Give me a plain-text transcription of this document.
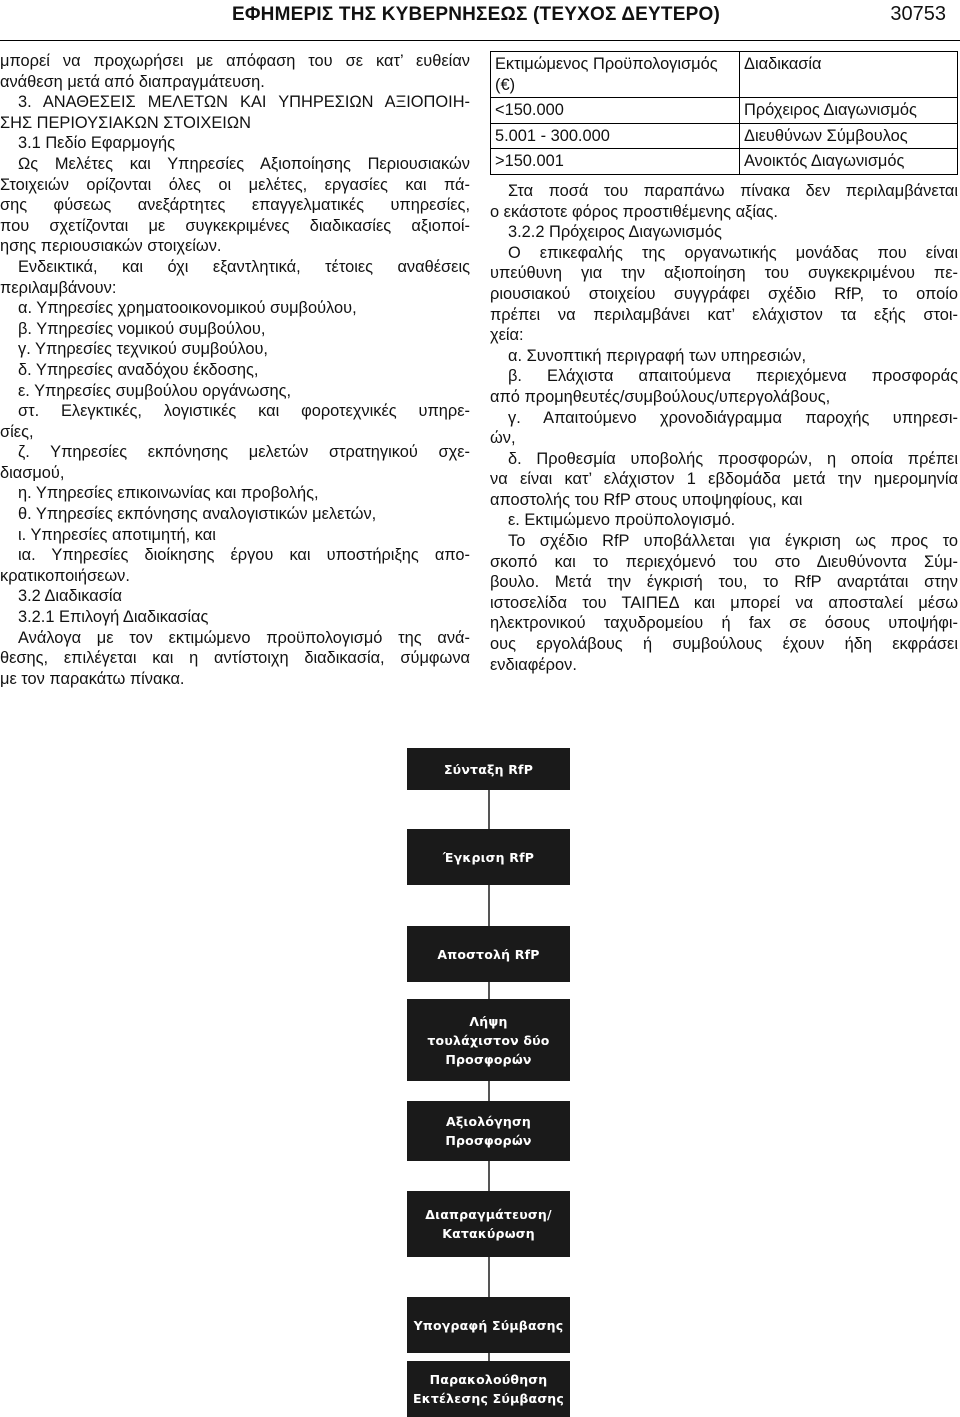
ΕΦΗΜΕΡΙΣ ΤΗΣ ΚΥΒΕΡΝΗΣΕΩΣ (ΤΕΥΧΟΣ ΔΕΥΤΕΡΟ)	30753

μπορεί να προχωρήσει με απόφαση του σε κατ’ ευθείαν

ανάθεση μετά από διαπραγμάτευση.

3. ΑΝΑΘΕΣΕΙΣ ΜΕΛΕΤΩΝ ΚΑΙ ΥΠΗΡΕΣΙΩΝ ΑΞΙΟΠΟΙΗ-

ΣΗΣ ΠΕΡΙΟΥΣΙΑΚΩΝ ΣΤΟΙΧΕΙΩΝ

3.1 Πεδίο Εφαρμογής

Ως Μελέτες και Υπηρεσίες Αξιοποίησης Περιουσιακών

Στοιχειών ορίζονται όλες οι μελέτες, εργασίες και πά-

σης φύσεως ανεξάρτητες επαγγελματικές υπηρεσίες,

που σχετίζονται με συγκεκριμένες διαδικασίες αξιοποί-

ησης περιουσιακών στοιχείων.

Ενδεικτικά, και όχι εξαντλητικά, τέτοιες αναθέσεις

περιλαμβάνουν:

α. Υπηρεσίες χρηματοοικονομικού συμβούλου,

β. Υπηρεσίες νομικού συμβούλου,

γ. Υπηρεσίες τεχνικού συμβούλου,

δ. Υπηρεσίες αναδόχου έκδοσης,

ε. Υπηρεσίες συμβούλου οργάνωσης,

στ. Ελεγκτικές, λογιστικές και φοροτεχνικές υπηρε-

σίες,

ζ. Υπηρεσίες εκπόνησης μελετών στρατηγικού σχε-

διασμού,

η. Υπηρεσίες επικοινωνίας και προβολής,

θ. Υπηρεσίες εκπόνησης αναλογιστικών μελετών,

ι. Υπηρεσίες αποτιμητή, και

ια. Υπηρεσίες διοίκησης έργου και υποστήριξης απο-

κρατικοποιήσεων.

3.2 Διαδικασία

3.2.1 Επιλογή Διαδικασίας

Ανάλογα με τον εκτιμώμενο προϋπολογισμό της ανά-

θεσης, επιλέγεται και η αντίστοιχη διαδικασία, σύμφωνα

με τον παρακάτω πίνακα.

Εκτιμώμενος Προϋπολογισμός (€)	Διαδικασία
<150.000	Πρόχειρος Διαγωνισμός
5.001 - 300.000	Διευθύνων Σύμβουλος
>150.001	Ανοικτός Διαγωνισμός

Στα ποσά του παραπάνω πίνακα δεν περιλαμβάνεται

ο εκάστοτε φόρος προστιθέμενης αξίας.

3.2.2 Πρόχειρος Διαγωνισμός

Ο επικεφαλής της οργανωτικής μονάδας που είναι

υπεύθυνη για την αξιοποίηση του συγκεκριμένου πε-

ριουσιακού στοιχείου συγγράφει σχέδιο RfP, το οποίο

πρέπει να περιλαμβάνει κατ’ ελάχιστον τα εξής στοι-

χεία:

α. Συνοπτική περιγραφή των υπηρεσιών,

β. Ελάχιστα απαιτούμενα περιεχόμενα προσφοράς

από προμηθευτές/συμβούλους/υπεργολάβους,

γ. Απαιτούμενο χρονοδιάγραμμα παροχής υπηρεσι-

ών,

δ. Προθεσμία υποβολής προσφορών, η οποία πρέπει

να είναι κατ’ ελάχιστον 1 εβδομάδα μετά την ημερομηνία

αποστολής του RfP στους υποψηφίους, και

ε. Εκτιμώμενο προϋπολογισμό.

Το σχέδιο RfP υποβάλλεται για έγκριση ως προς το

σκοπό και το περιεχόμενό του στο Διευθύνοντα Σύμ-

βουλο. Μετά την έγκρισή του, το RfP αναρτάται στην

ιστοσελίδα του ΤΑΙΠΕΔ και μπορεί να αποσταλεί μέσω

ηλεκτρονικού ταχυδρομείου ή fax σε όσους υποψήφι-

ους εργολάβους ή συμβούλους έχουν ήδη εκφράσει

ενδιαφέρον.

Σύνταξη RfP
Έγκριση RfP
Αποστολή RfP
Λήψη
τουλάχιστον δύο
Προσφορών
Αξιολόγηση
Προσφορών
Διαπραγμάτευση/
Κατακύρωση
Υπογραφή Σύμβασης
Παρακολούθηση
Εκτέλεσης Σύμβασης
